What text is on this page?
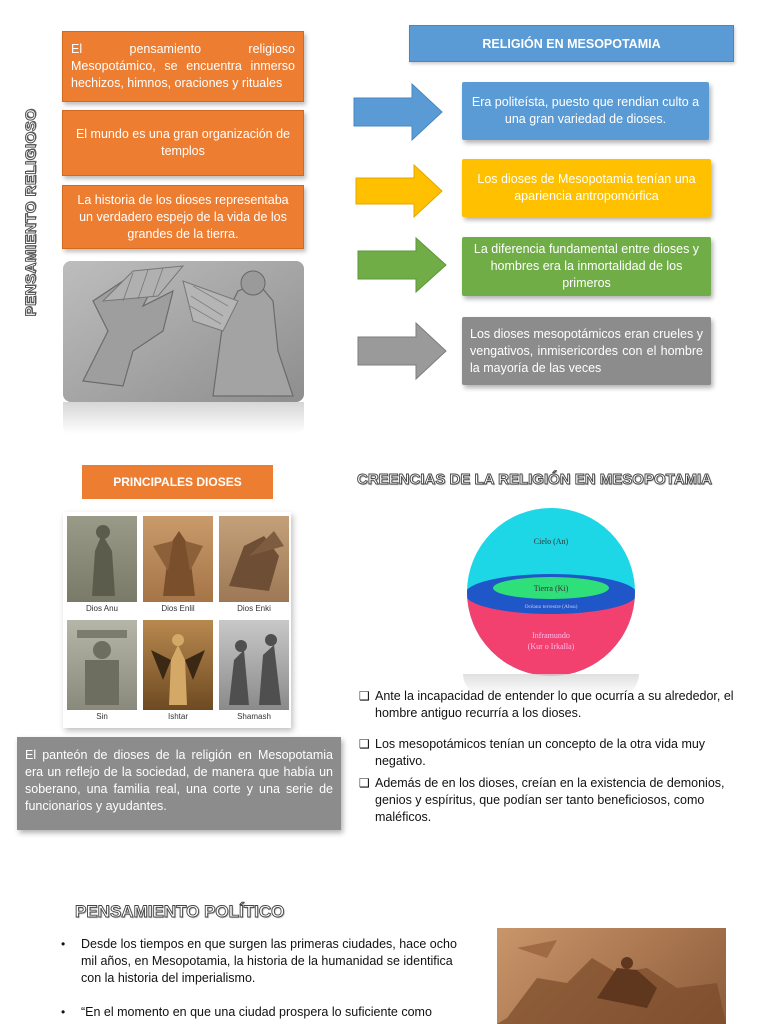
PENSAMIENTO RELIGIOSO
El pensamiento religioso Mesopotámico, se encuentra inmerso hechizos, himnos, oraciones y rituales
El mundo es una gran organización de templos
La historia de los dioses representaba un verdadero espejo de la vida de los grandes de la tierra.
RELIGIÓN EN MESOPOTAMIA
Era politeísta, puesto que rendian culto a una gran variedad de dioses.
Los dioses de Mesopotamia tenían una apariencia antropomórfica
La diferencia fundamental entre dioses y hombres era la inmortalidad de los primeros
Los dioses mesopotámicos eran crueles y vengativos, inmisericordes con el hombre la mayoría de las veces
PRINCIPALES DIOSES
Dios Anu	Dios Enlil	Dios Enki
Sin	Ishtar	Shamash
El panteón de dioses de la religión en Mesopotamia era un reflejo de la sociedad, de manera que había un soberano, una familia real, una corte y una serie de funcionarios y ayudantes.
CREENCIAS DE LA RELIGIÓN EN MESOPOTAMIA
Cielo (An)
Tierra (Ki)
Océano terrestre (Absu)
Inframundo
(Kur o Irkalla)
❑ Ante la incapacidad de entender lo que ocurría a su alrededor, el hombre antiguo recurría a los dioses.
❑ Los mesopotámicos tenían un concepto de la otra vida muy negativo.
❑ Además de en los dioses, creían en la existencia de demonios, genios y espíritus, que podían ser tanto beneficiosos, como maléficos.
PENSAMIENTO POLÍTICO
•	Desde los tiempos en que surgen las primeras ciudades, hace ocho mil años, en Mesopotamia, la historia de la humanidad se identifica con la historia del imperialismo.
•	“En el momento en que una ciudad prospera lo suficiente como
